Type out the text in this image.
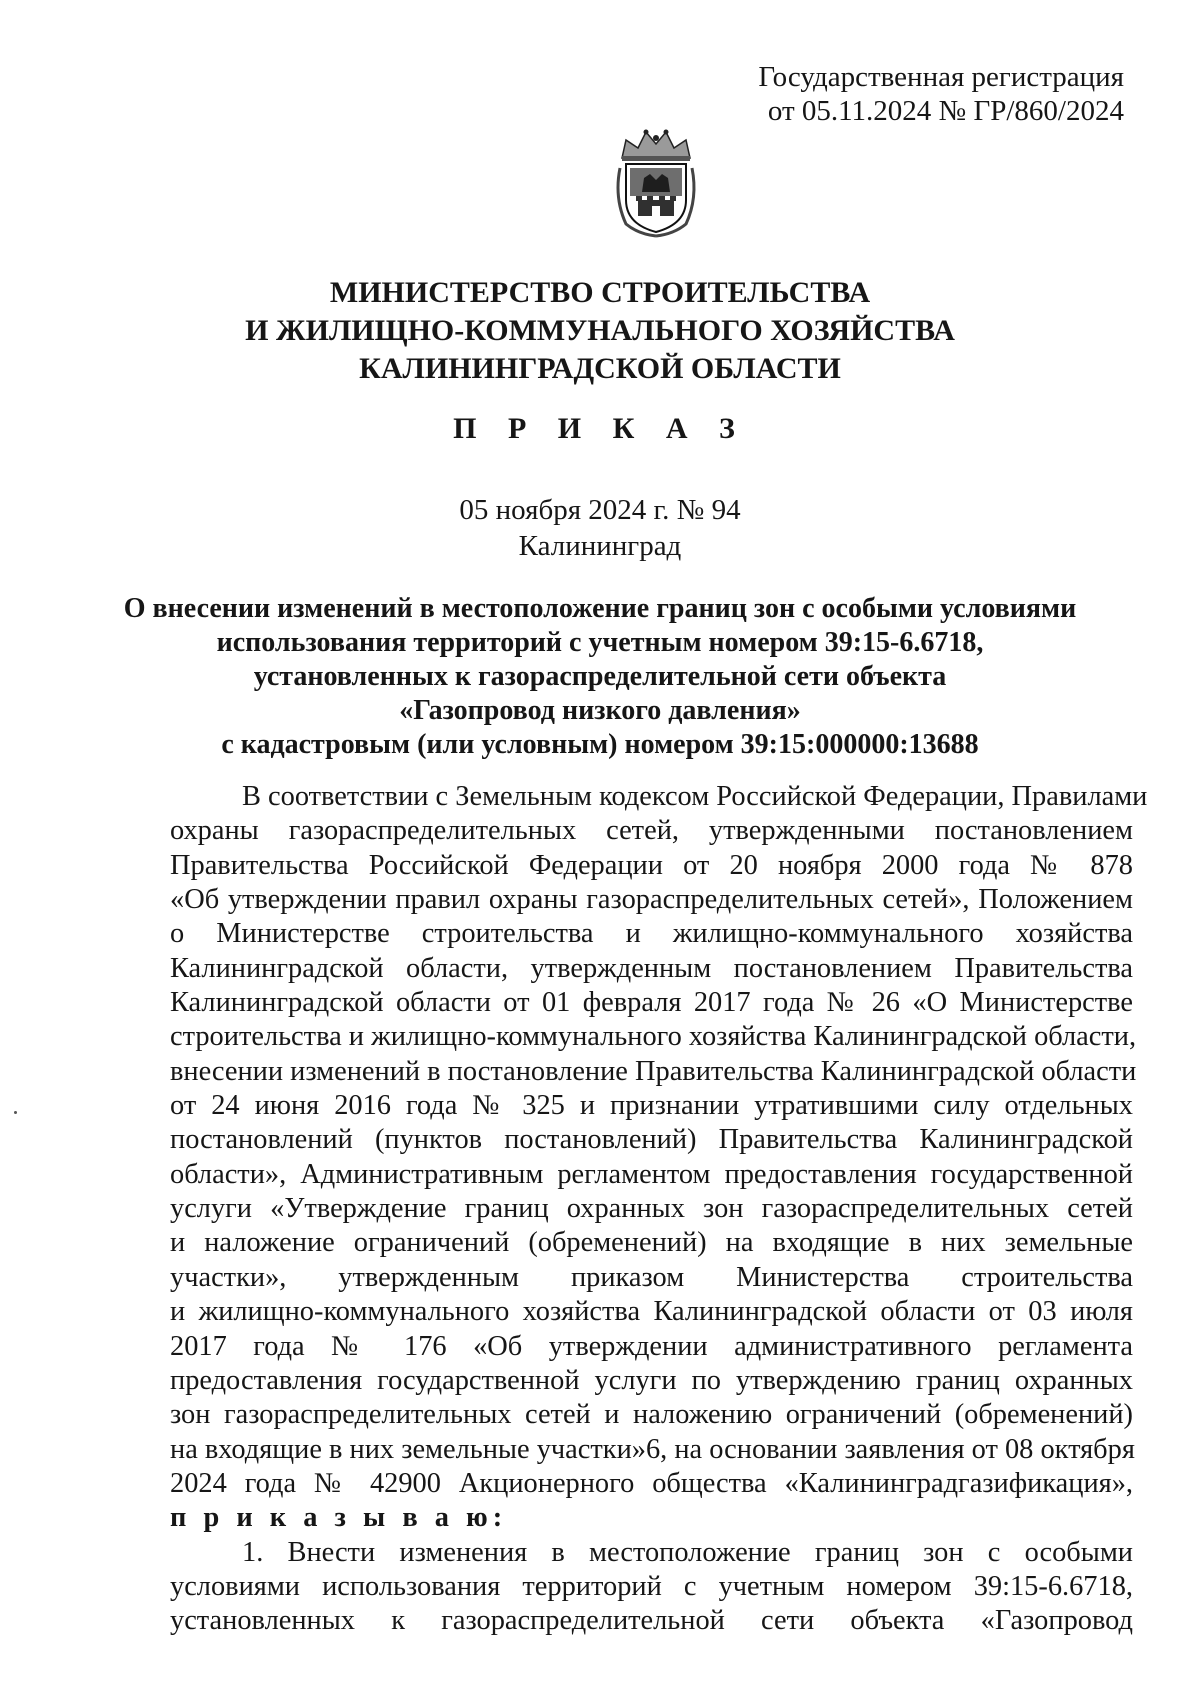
Государственная регистрация
от 05.11.2024 № ГР/860/2024
МИНИСТЕРСТВО СТРОИТЕЛЬСТВА
И ЖИЛИЩНО-КОММУНАЛЬНОГО ХОЗЯЙСТВА
КАЛИНИНГРАДСКОЙ ОБЛАСТИ
П Р И К А З
05 ноября 2024 г. № 94
Калининград
О внесении изменений в местоположение границ зон с особыми условиями
использования территорий с учетным номером 39:15-6.6718,
установленных к газораспределительной сети объекта
«Газопровод низкого давления»
с кадастровым (или условным) номером 39:15:000000:13688
В соответствии с Земельным кодексом Российской Федерации, Правилами
охраны газораспределительных сетей, утвержденными постановлением
Правительства Российской Федерации от 20 ноября 2000 года № 878
«Об утверждении правил охраны газораспределительных сетей», Положением
о Министерстве строительства и жилищно-коммунального хозяйства
Калининградской области, утвержденным постановлением Правительства
Калининградской области от 01 февраля 2017 года № 26 «О Министерстве
строительства и жилищно-коммунального хозяйства Калининградской области,
внесении изменений в постановление Правительства Калининградской области
от 24 июня 2016 года № 325 и признании утратившими силу отдельных
постановлений (пунктов постановлений) Правительства Калининградской
области», Административным регламентом предоставления государственной
услуги «Утверждение границ охранных зон газораспределительных сетей
и наложение ограничений (обременений) на входящие в них земельные
участки», утвержденным приказом Министерства строительства
и жилищно-коммунального хозяйства Калининградской области от 03 июля
2017 года № 176 «Об утверждении административного регламента
предоставления государственной услуги по утверждению границ охранных
зон газораспределительных сетей и наложению ограничений (обременений)
на входящие в них земельные участки»6, на основании заявления от 08 октября
2024 года № 42900 Акционерного общества «Калининградгазификация»,
п р и к а з ы в а ю:
1. Внести изменения в местоположение границ зон с особыми
условиями использования территорий с учетным номером 39:15-6.6718,
установленных к газораспределительной сети объекта «Газопровод
